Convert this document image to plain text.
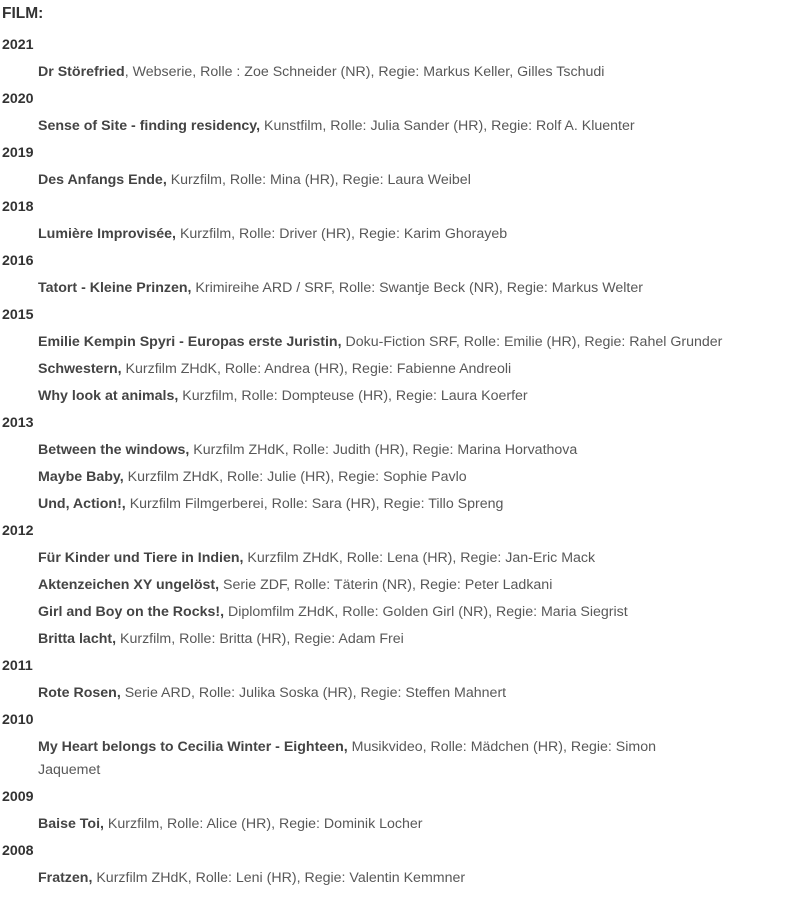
FILM:
2021
Dr Störefried, Webserie, Rolle : Zoe Schneider (NR), Regie: Markus Keller, Gilles Tschudi
2020
Sense of Site - finding residency, Kunstfilm, Rolle: Julia Sander (HR), Regie: Rolf A. Kluenter
2019
Des Anfangs Ende, Kurzfilm, Rolle: Mina (HR), Regie: Laura Weibel
2018
Lumière Improvisée, Kurzfilm, Rolle: Driver (HR), Regie: Karim Ghorayeb
2016
Tatort - Kleine Prinzen, Krimireihe ARD / SRF, Rolle: Swantje Beck (NR), Regie: Markus Welter
2015
Emilie Kempin Spyri - Europas erste Juristin, Doku-Fiction SRF, Rolle: Emilie (HR), Regie: Rahel Grunder
Schwestern, Kurzfilm ZHdK, Rolle: Andrea (HR), Regie: Fabienne Andreoli
Why look at animals, Kurzfilm, Rolle: Dompteuse (HR), Regie: Laura Koerfer
2013
Between the windows, Kurzfilm ZHdK, Rolle: Judith (HR), Regie: Marina Horvathova
Maybe Baby, Kurzfilm ZHdK, Rolle: Julie (HR), Regie: Sophie Pavlo
Und, Action!, Kurzfilm Filmgerberei, Rolle: Sara (HR), Regie: Tillo Spreng
2012
Für Kinder und Tiere in Indien, Kurzfilm ZHdK, Rolle: Lena (HR), Regie: Jan-Eric Mack
Aktenzeichen XY ungelöst, Serie ZDF, Rolle: Täterin (NR), Regie: Peter Ladkani
Girl and Boy on the Rocks!, Diplomfilm ZHdK, Rolle: Golden Girl (NR), Regie: Maria Siegrist
Britta lacht, Kurzfilm, Rolle: Britta (HR), Regie: Adam Frei
2011
Rote Rosen, Serie ARD, Rolle: Julika Soska (HR), Regie: Steffen Mahnert
2010
My Heart belongs to Cecilia Winter - Eighteen, Musikvideo, Rolle: Mädchen (HR), Regie: Simon Jaquemet
2009
Baise Toi, Kurzfilm, Rolle: Alice (HR), Regie: Dominik Locher
2008
Fratzen, Kurzfilm ZHdK, Rolle: Leni (HR), Regie: Valentin Kemmner
